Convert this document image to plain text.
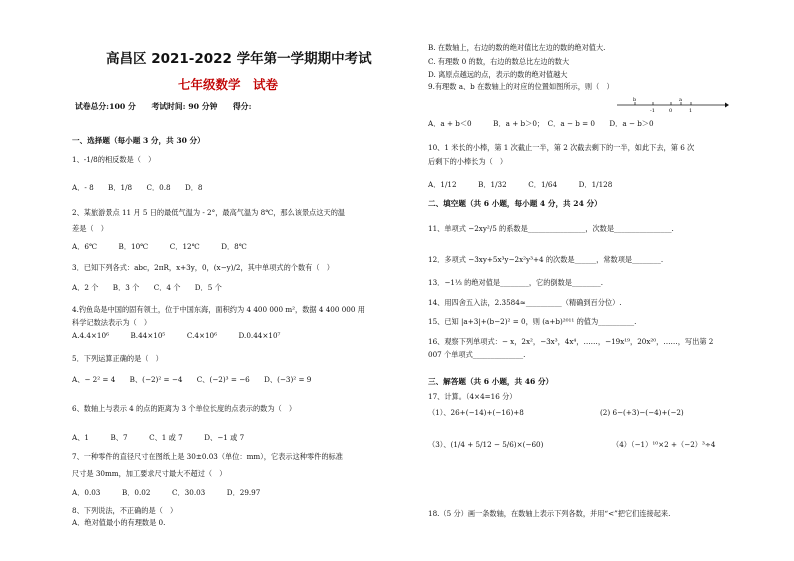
高昌区 2021-2022 学年第一学期期中考试
七年级数学　试卷
试卷总分:100 分　　考试时间: 90 分钟　　得分:
一、选择题（每小题 3 分，共 30 分）
1、-1/8的相反数是（　）
A．- 8　　B．1/8　　C．0.8　　D．8
2、某旅游景点 11 月 5 日的最低气温为 - 2°，最高气温为 8℃，那么该景点这天的温
差是（　）
A．6℃　　　B．10℃　　　C．12℃　　　D．8℃
3．已知下列各式：abc，2πR，x+3y，0，(x−y)/2，其中单项式的个数有（　）
A．2 个　　B．3 个　　C．4 个　　D．5 个
4.钓鱼岛是中国的固有领土，位于中国东海，面积约为 4 400 000 m²，数据 4 400 000 用
科学记数法表示为（　）
A.4.4×10⁶　　　B.44×10⁵　　　C.4×10⁶　　　D.0.44×10⁷
5．下列运算正确的是（　）
A、− 2² = 4　　B、(−2)² = −4　　C、(−2)³ = −6　　D、(−3)² = 9
6、数轴上与表示 4 的点的距离为 3 个单位长度的点表示的数为（　）
A、1　　　B、7　　　C、1 或 7　　　D、−1 或 7
7、一种零件的直径尺寸在图纸上是 30±0.03（单位：mm），它表示这种零件的标准
尺寸是 30mm，加工要求尺寸最大不超过（　）
A．0.03　　　B．0.02　　　C．30.03　　　D．29.97
8、下列说法，不正确的是（　）
A．绝对值最小的有理数是 0.
B. 在数轴上，右边的数的绝对值比左边的数的绝对值大.
C. 有理数 0 的数，右边的数总比左边的数大
D. 离原点越远的点，表示的数的绝对值越大
9.有理数 a、b 在数轴上的对应的位置如图所示，则（　）
b
-1	0
a
1
A．a + b＜0　　　B．a + b＞0；　C．a − b = 0　　D．a − b＞0
10、1 米长的小棒，第 1 次截止一半，第 2 次截去剩下的一半，如此下去，第 6 次
后剩下的小棒长为（　）
A．1/12　　　B．1/32　　　C．1/64　　　D．1/128
二、填空题（共 6 小题，每小题 4 分，共 24 分）
11、单项式 −2xy²/5 的系数是________________，次数是________________.
12．多项式 −3xy+5x³y−2x²y³+4 的次数是______，常数项是________.
13．−1⅓ 的绝对值是________，它的倒数是________.
14、用四舍五入法，2.3584≈__________（精确到百分位）.
15、已知 |a+3|+(b−2)² = 0，则 (a+b)²⁰¹¹ 的值为__________.
16、观察下列单项式：− x，2x²，−3x³，4x⁴，……，−19x¹⁹，20x²⁰，……，写出第 2
007 个单项式______________.
三、解答题（共 6 小题，共 46 分）
17、计算。（4×4=16 分）
（1）、26+(−14)+(−16)+8	(2) 6−(+3)−(−4)+(−2)
（3）、(1/4 + 5/12 − 5/6)×(−60)	（4）（−1）¹⁰×2 +（−2）³÷4
18.（5 分）画一条数轴，在数轴上表示下列各数，并用“<”把它们连接起来.
